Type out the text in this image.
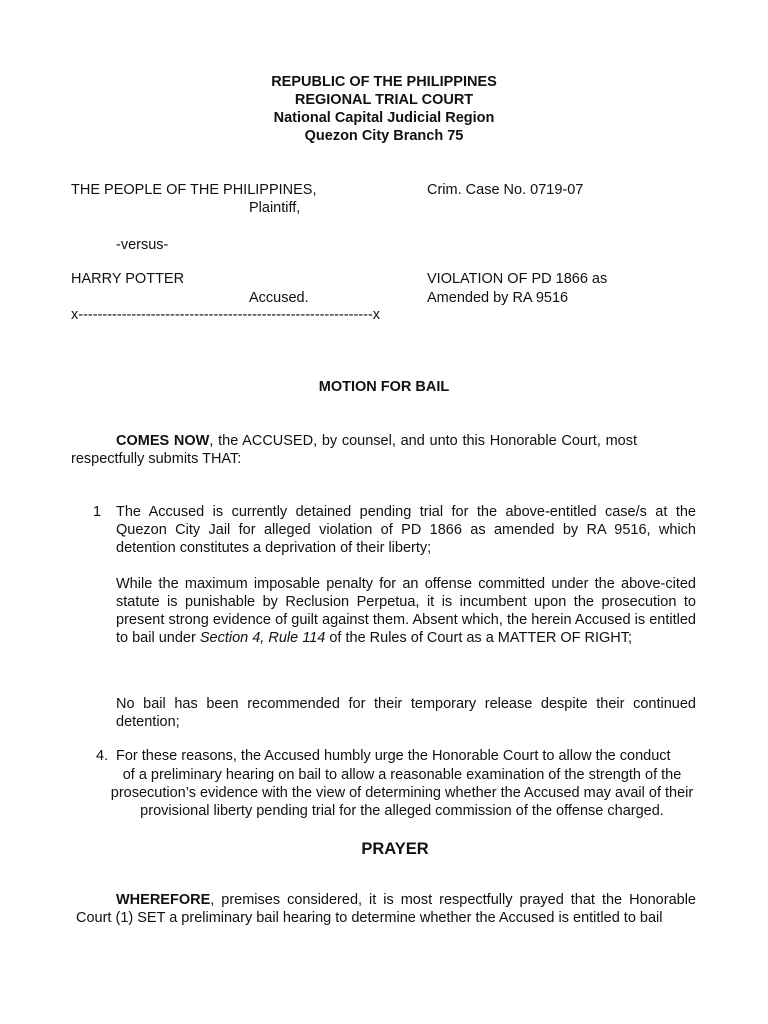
REPUBLIC OF THE PHILIPPINES
REGIONAL TRIAL COURT
National Capital Judicial Region
Quezon City Branch 75
THE PEOPLE OF THE PHILIPPINES,
Plaintiff,
Crim. Case No. 0719-07
-versus-
HARRY POTTER
Accused.
VIOLATION OF PD 1866 as
Amended by RA 9516
x-------------------------------------------------------------x
MOTION FOR BAIL
COMES NOW, the ACCUSED, by counsel, and unto this Honorable Court, most respectfully submits THAT:
1 The Accused is currently detained pending trial for the above-entitled case/s at the Quezon City Jail for alleged violation of PD 1866 as amended by RA 9516, which detention constitutes a deprivation of their liberty;
While the maximum imposable penalty for an offense committed under the above-cited statute is punishable by Reclusion Perpetua, it is incumbent upon the prosecution to present strong evidence of guilt against them. Absent which, the herein Accused is entitled to bail under Section 4, Rule 114 of the Rules of Court as a MATTER OF RIGHT;
No bail has been recommended for their temporary release despite their continued detention;
4. For these reasons, the Accused humbly urge the Honorable Court to allow the conduct
of a preliminary hearing on bail to allow a reasonable examination of the strength of the prosecution’s evidence with the view of determining whether the Accused may avail of their provisional liberty pending trial for the alleged commission of the offense charged.
PRAYER
WHEREFORE, premises considered, it is most respectfully prayed that the Honorable Court (1) SET a preliminary bail hearing to determine whether the Accused is entitled to bail
